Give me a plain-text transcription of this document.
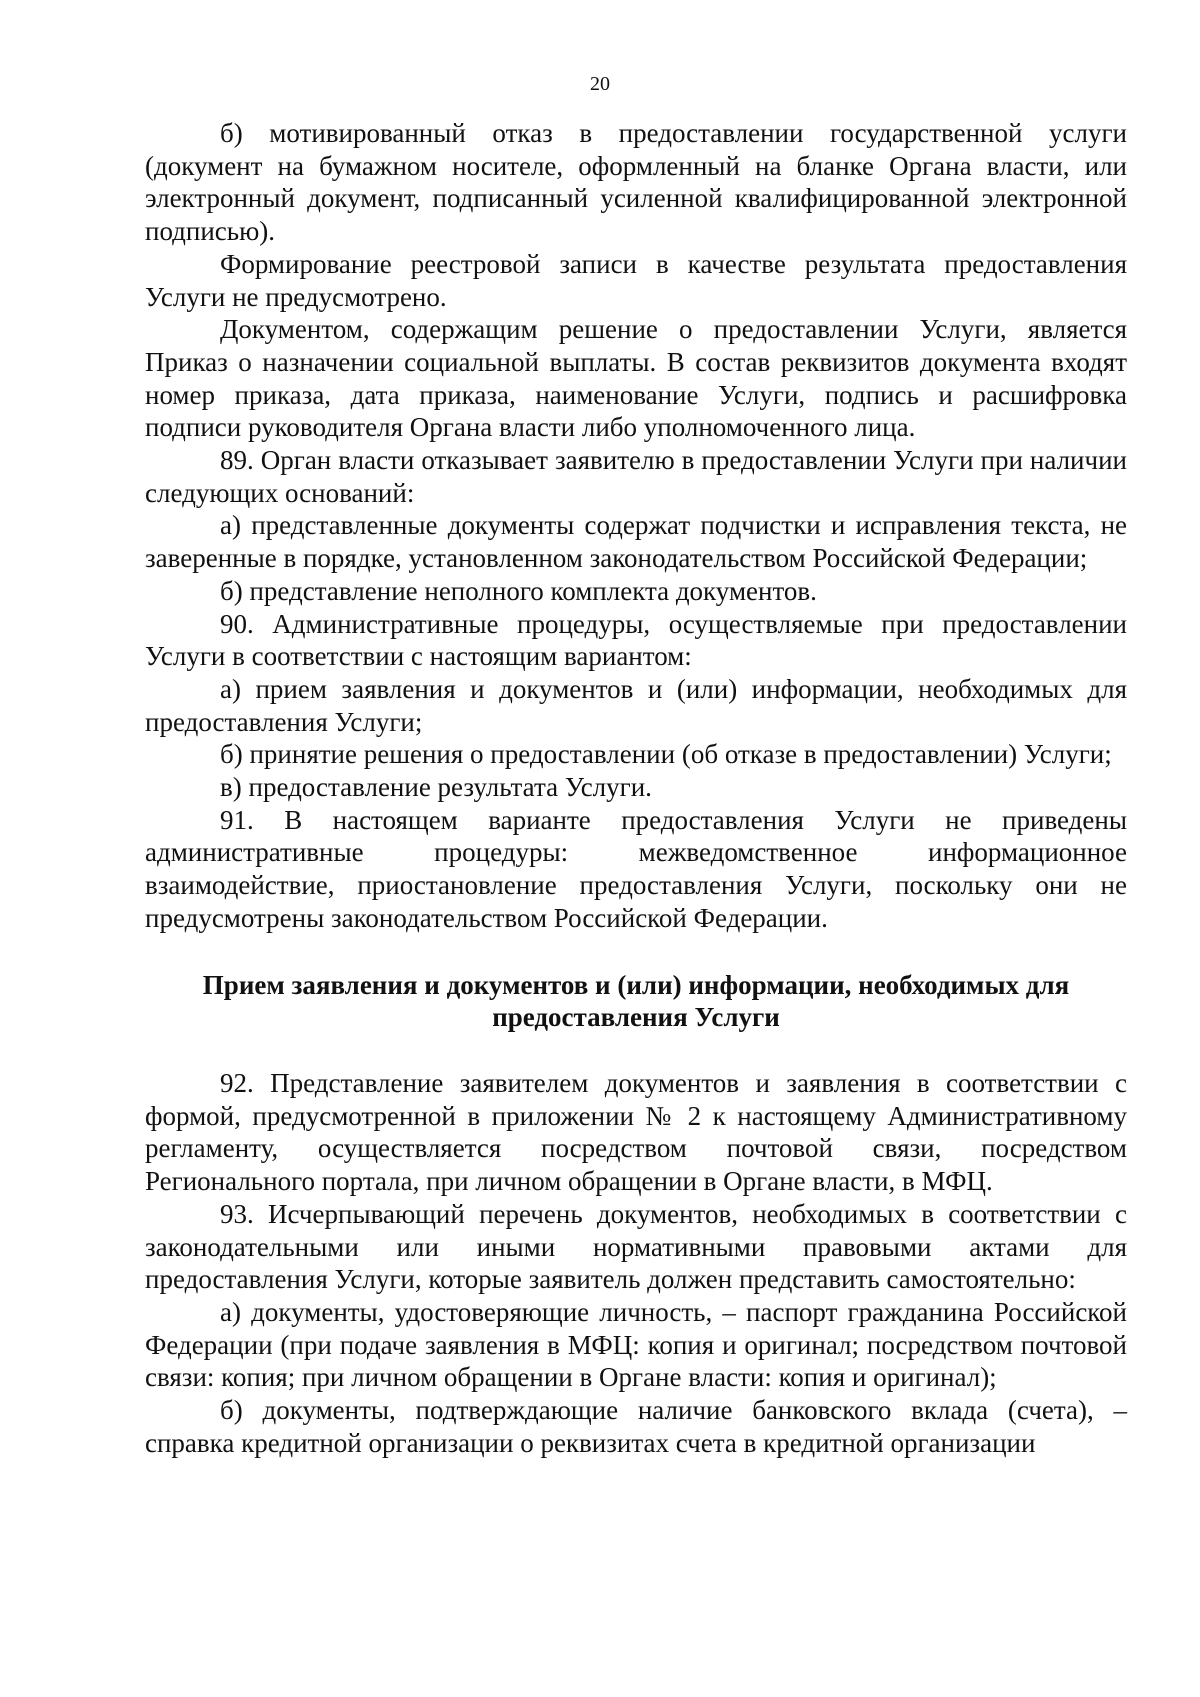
20

б) мотивированный отказ в предоставлении государственной услуги (документ на бумажном носителе, оформленный на бланке Органа власти, или электронный документ, подписанный усиленной квалифицированной электронной подписью).

Формирование реестровой записи в качестве результата предоставления Услуги не предусмотрено.

Документом, содержащим решение о предоставлении Услуги, является Приказ о назначении социальной выплаты. В состав реквизитов документа входят номер приказа, дата приказа, наименование Услуги, подпись и расшифровка подписи руководителя Органа власти либо уполномоченного лица.

89. Орган власти отказывает заявителю в предоставлении Услуги при наличии следующих оснований:

а) представленные документы содержат подчистки и исправления текста, не заверенные в порядке, установленном законодательством Российской Федерации;

б) представление неполного комплекта документов.

90. Административные процедуры, осуществляемые при предоставлении Услуги в соответствии с настоящим вариантом:

а) прием заявления и документов и (или) информации, необходимых для предоставления Услуги;

б) принятие решения о предоставлении (об отказе в предоставлении) Услуги;

в) предоставление результата Услуги.

91. В настоящем варианте предоставления Услуги не приведены административные процедуры: межведомственное информационное взаимодействие, приостановление предоставления Услуги, поскольку они не предусмотрены законодательством Российской Федерации.

Прием заявления и документов и (или) информации, необходимых для предоставления Услуги

92. Представление заявителем документов и заявления в соответствии с формой, предусмотренной в приложении № 2 к настоящему Административному регламенту, осуществляется посредством почтовой связи, посредством Регионального портала, при личном обращении в Органе власти, в МФЦ.

93. Исчерпывающий перечень документов, необходимых в соответствии с законодательными или иными нормативными правовыми актами для предоставления Услуги, которые заявитель должен представить самостоятельно:

а) документы, удостоверяющие личность, – паспорт гражданина Российской Федерации (при подаче заявления в МФЦ: копия и оригинал; посредством почтовой связи: копия; при личном обращении в Органе власти: копия и оригинал);

б) документы, подтверждающие наличие банковского вклада (счета), – справка кредитной организации о реквизитах счета в кредитной организации
